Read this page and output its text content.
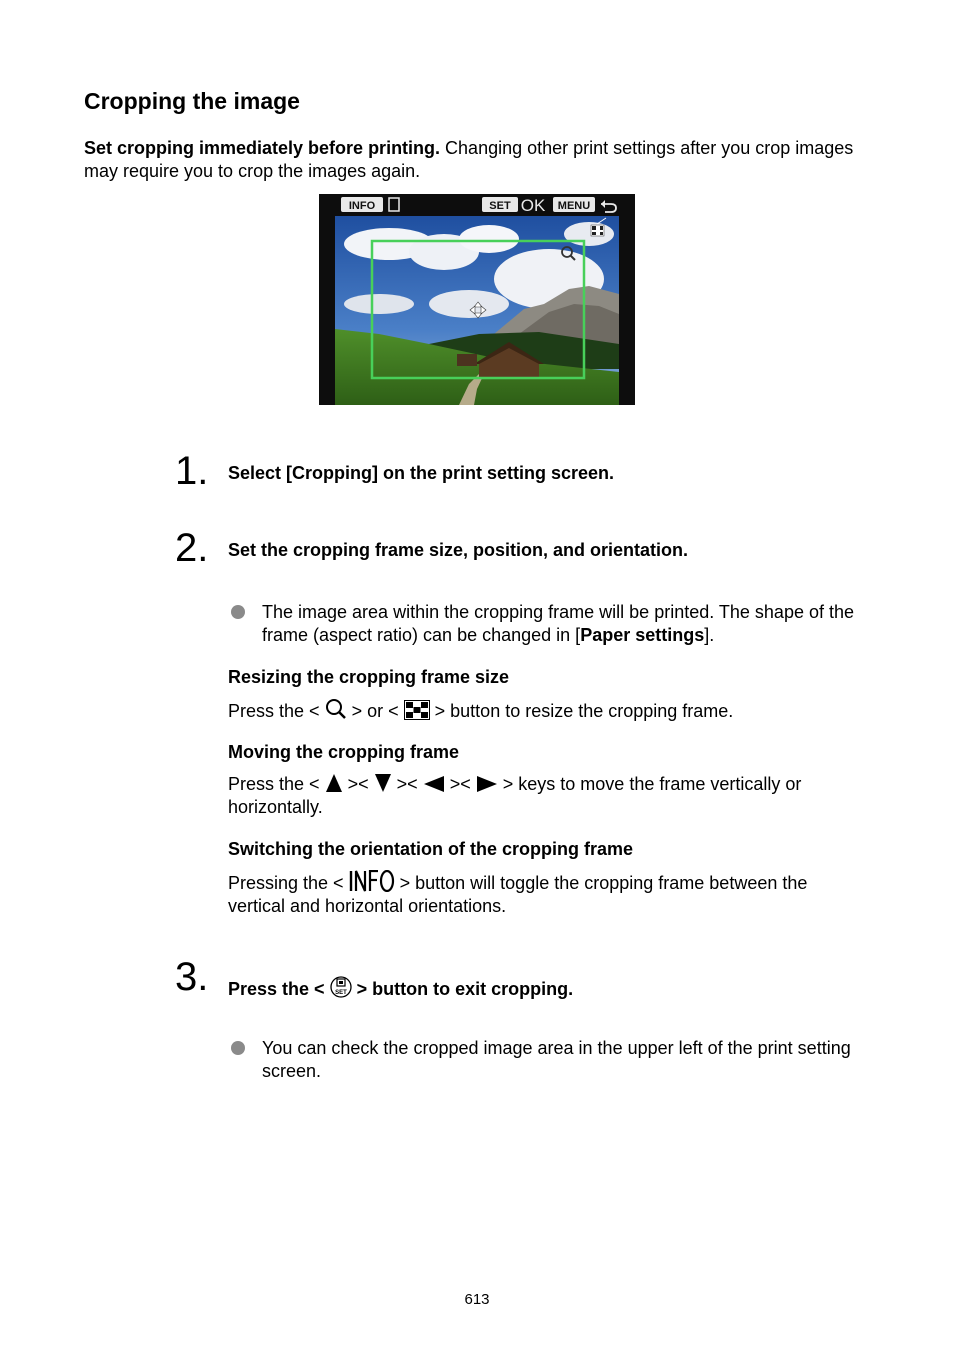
Cropping the image
Set cropping immediately before printing. Changing other print settings after you crop images may require you to crop the images again.
INFO	SET OK MENU
1. Select [Cropping] on the print setting screen.
2. Set the cropping frame size, position, and orientation.
The image area within the cropping frame will be printed. The shape of the frame (aspect ratio) can be changed in [Paper settings].
Resizing the cropping frame size
Press the < > or < > button to resize the cropping frame.
Moving the cropping frame
Press the < >< >< >< > keys to move the frame vertically or horizontally.
Switching the orientation of the cropping frame
Pressing the <	> button will toggle the cropping frame between the vertical and horizontal orientations.
3. Press the < SET > button to exit cropping.
You can check the cropped image area in the upper left of the print setting screen.
613
